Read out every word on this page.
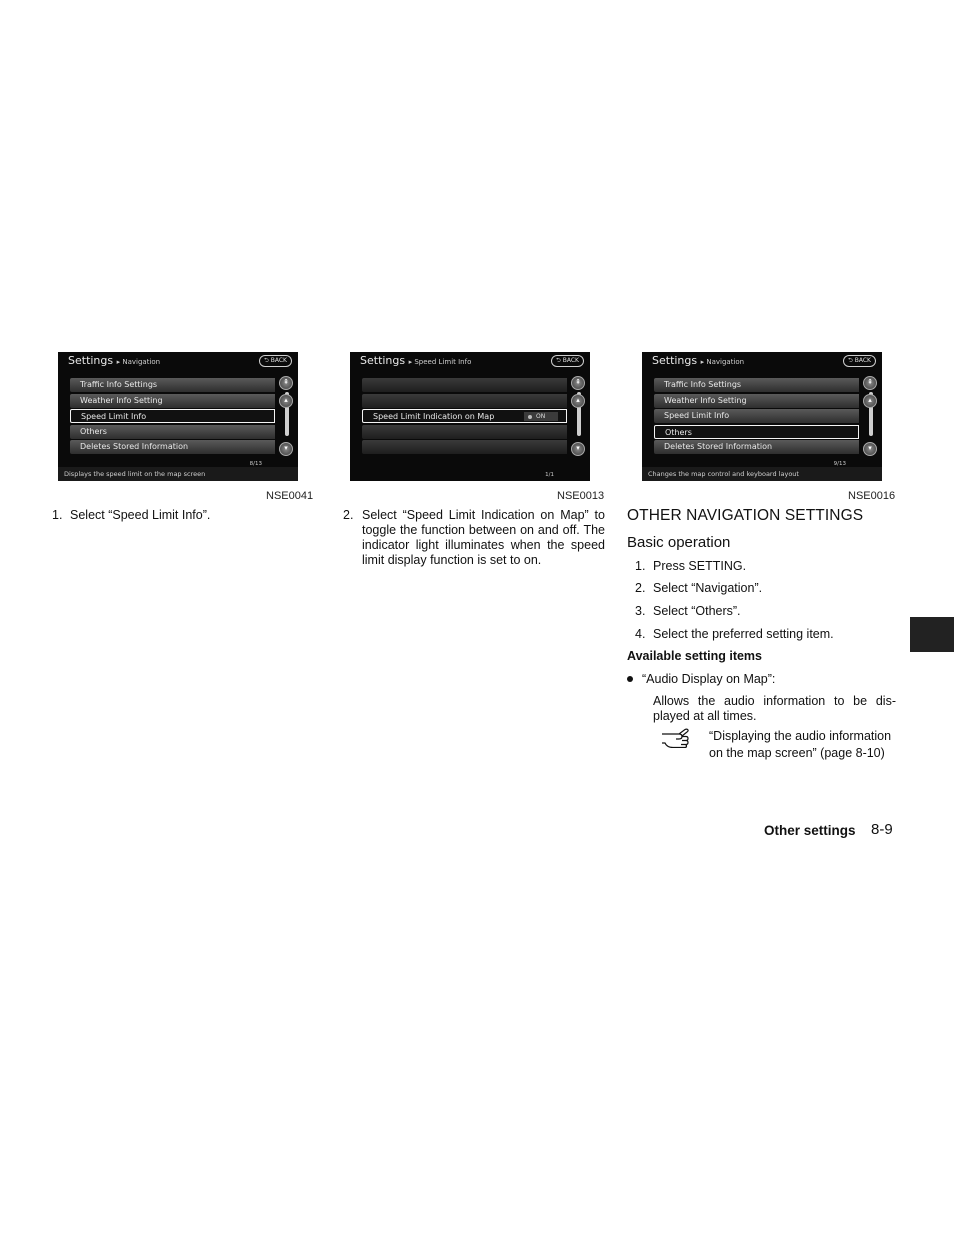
Settings ▸ Navigation	⮌ BACK
Traffic Info Settings
Weather Info Setting
Speed Limit Info
Others
Deletes Stored Information
⇞
▴
▾
8/13
Displays the speed limit on the map screen
NSE0041
Settings ▸ Speed Limit Info	⮌ BACK
Speed Limit Indication on Map	ON
⇞
▴
▾
1/1
NSE0013
Settings ▸ Navigation	⮌ BACK
Traffic Info Settings
Weather Info Setting
Speed Limit Info
Others
Deletes Stored Information
⇞
▴
▾
9/13
Changes the map control and keyboard layout
NSE0016
1. Select “Speed Limit Info”.	2. Select “Speed Limit Indication on Map” to
toggle the function between on and off. The
indicator light illuminates when the speed
limit display function is set to on.
OTHER NAVIGATION SETTINGS
Basic operation
1. Press SETTING.
2. Select “Navigation”.
3. Select “Others”.
4. Select the preferred setting item.
Available setting items
“Audio Display on Map”:
Allows the audio information to be dis-
played at all times.
“Displaying the audio information
on the map screen” (page 8-10)
Other settings 8-9
